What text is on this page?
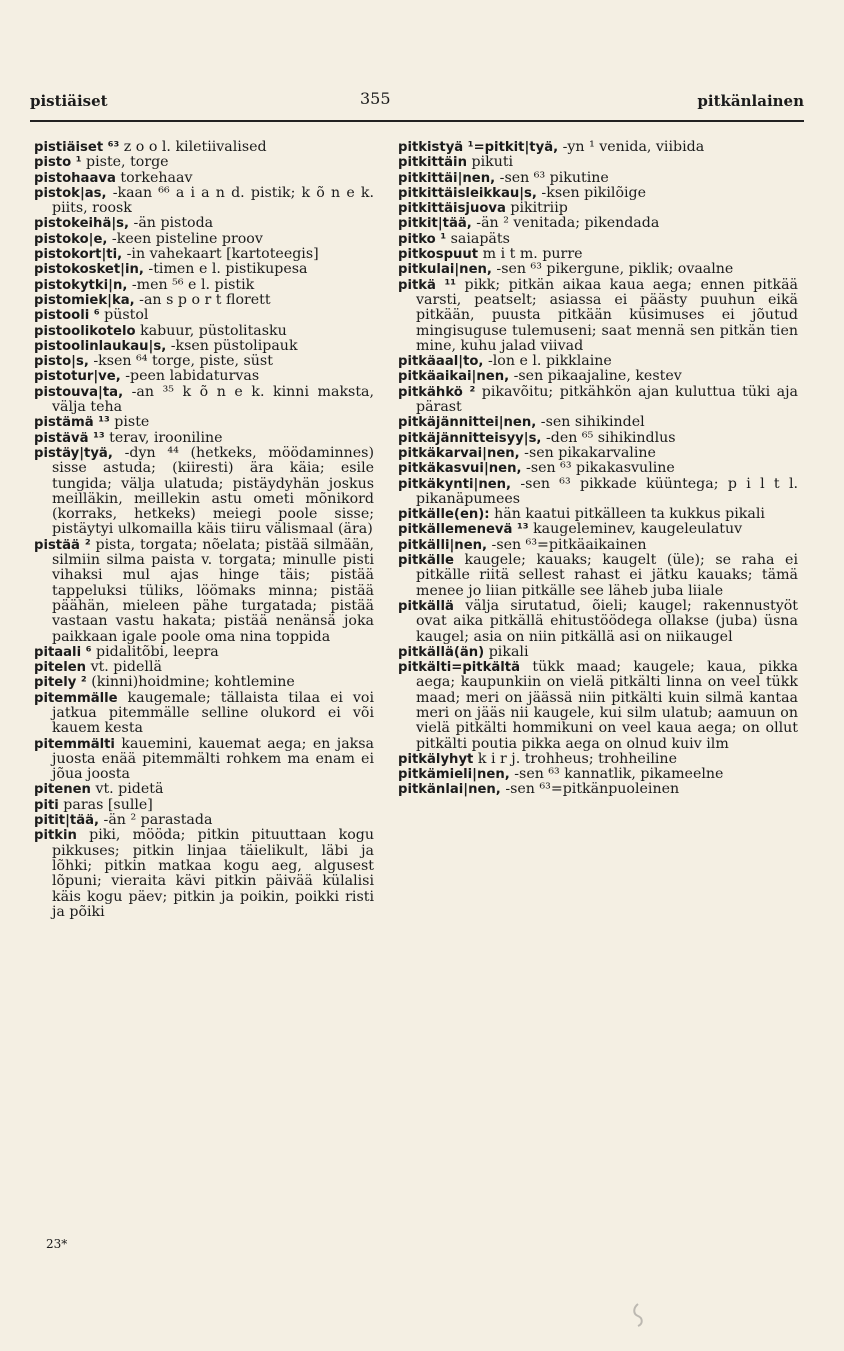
pistiäiset	355	pitkänlainen

pistiäiset ⁶³ z o o l. kiletiivalised

pisto ¹ piste, torge

pistohaava torkehaav

pistok|as, -kaan ⁶⁶ a i a n d. pistik; k õ n e k. piits, roosk

pistokeihä|s, -än pistoda

pistoko|e, -keen pisteline proov

pistokort|ti, -in vahekaart [kartoteegis]

pistokosket|in, -timen e l. pistikupesa

pistokytki|n, -men ⁵⁶ e l. pistik

pistomiek|ka, -an s p o r t florett

pistooli ⁶ püstol

pistoolikotelo kabuur, püstolitasku

pistoolinlaukau|s, -ksen püstolipauk

pisto|s, -ksen ⁶⁴ torge, piste, süst

pistotur|ve, -peen labidaturvas

pistouva|ta, -an ³⁵ k õ n e k. kinni maksta, välja teha

pistämä ¹³ piste

pistävä ¹³ terav, irooniline

pistäy|tyä, -dyn ⁴⁴ (hetkeks, möödaminnes) sisse astuda; (kiiresti) ära käia; esile tungida; välja ulatuda; pistäydyhän joskus meilläkin, meillekin astu ometi mõnikord (korraks, hetkeks) meiegi poole sisse; pistäytyi ulkomailla käis tiiru välismaal (ära)

pistää ² pista, torgata; nõelata; pistää silmään, silmiin silma paista v. torgata; minulle pisti vihaksi mul ajas hinge täis; pistää tappeluksi tüliks, löömaks minna; pistää päähän, mieleen pähe turgatada; pistää vastaan vastu hakata; pistää nenänsä joka paikkaan igale poole oma nina toppida

pitaali ⁶ pidalitõbi, leepra

pitelen vt. pidellä

pitely ² (kinni)hoidmine; kohtlemine

pitemmälle kaugemale; tällaista tilaa ei voi jatkua pitemmälle selline olukord ei või kauem kesta

pitemmälti kauemini, kauemat aega; en jaksa juosta enää pitemmälti rohkem ma enam ei jõua joosta

pitenen vt. pidetä

piti paras [sulle]

pitit|tää, -än ² parastada

pitkin piki, mööda; pitkin pituuttaan kogu pikkuses; pitkin linjaa täielikult, läbi ja lõhki; pitkin matkaa kogu aeg, algusest lõpuni; vieraita kävi pitkin päivää külalisi käis kogu päev; pitkin ja poikin, poikki risti ja põiki

pitkistyä ¹=pitkit|tyä, -yn ¹ venida, viibida

pitkittäin pikuti

pitkittäi|nen, -sen ⁶³ pikutine

pitkittäisleikkau|s, -ksen pikilõige

pitkittäisjuova pikitriip

pitkit|tää, -än ² venitada; pikendada

pitko ¹ saiapäts

pitkospuut m i t m. purre

pitkulai|nen, -sen ⁶³ pikergune, piklik; ovaalne

pitkä ¹¹ pikk; pitkän aikaa kaua aega; ennen pitkää varsti, peatselt; asiassa ei päästy puuhun eikä pitkään, puusta pitkään küsimuses ei jõutud mingisuguse tulemuseni; saat mennä sen pitkän tien mine, kuhu jalad viivad

pitkäaal|to, -lon e l. pikklaine

pitkäaikai|nen, -sen pikaajaline, kestev

pitkähkö ² pikavõitu; pitkähkön ajan kuluttua tüki aja pärast

pitkäjännittei|nen, -sen sihikindel

pitkäjännitteisyy|s, -den ⁶⁵ sihikindlus

pitkäkarvai|nen, -sen pikakarvaline

pitkäkasvui|nen, -sen ⁶³ pikakasvuline

pitkäkynti|nen, -sen ⁶³ pikkade küüntega; p i l t l. pikanäpumees

pitkälle(en): hän kaatui pitkälleen ta kukkus pikali

pitkällemenevä ¹³ kaugeleminev, kaugeleulatuv

pitkälli|nen, -sen ⁶³=pitkäaikainen

pitkälle kaugele; kauaks; kaugelt (üle); se raha ei pitkälle riitä sellest rahast ei jätku kauaks; tämä menee jo liian pitkälle see läheb juba liiale

pitkällä välja sirutatud, õieli; kaugel; rakennustyöt ovat aika pitkällä ehitustöödega ollakse (juba) üsna kaugel; asia on niin pitkällä asi on niikaugel

pitkällä(än) pikali

pitkälti=pitkältä tükk maad; kaugele; kaua, pikka aega; kaupunkiin on vielä pitkälti linna on veel tükk maad; meri on jäässä niin pitkälti kuin silmä kantaa meri on jääs nii kaugele, kui silm ulatub; aamuun on vielä pitkälti hommikuni on veel kaua aega; on ollut pitkälti poutia pikka aega on olnud kuiv ilm

pitkälyhyt k i r j. trohheus; trohheiline

pitkämieli|nen, -sen ⁶³ kannatlik, pikameelne

pitkänlai|nen, -sen ⁶³=pitkänpuoleinen

23*
